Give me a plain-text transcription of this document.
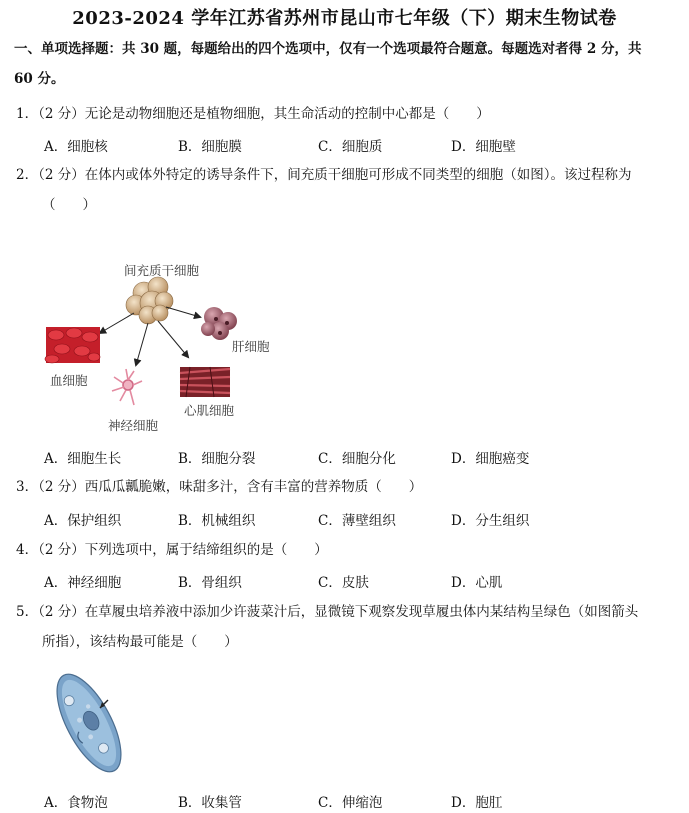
2023-2024 学年江苏省苏州市昆山市七年级（下）期末生物试卷
一、单项选择题：共 30 题，每题给出的四个选项中，仅有一个选项最符合题意。每题选对者得 2 分，共
60 分。
1．（2 分）无论是动物细胞还是植物细胞，其生命活动的控制中心都是（　　）
A．细胞核	B．细胞膜	C．细胞质	D．细胞壁
2．（2 分）在体内或体外特定的诱导条件下，间充质干细胞可形成不同类型的细胞（如图）。该过程称为
（　　）
间充质干细胞
肝细胞
血细胞
心肌细胞
神经细胞
A．细胞生长	B．细胞分裂	C．细胞分化	D．细胞癌变
3．（2 分）西瓜瓜瓤脆嫩，味甜多汁，含有丰富的营养物质（　　）
A．保护组织	B．机械组织	C．薄壁组织	D．分生组织
4．（2 分）下列选项中，属于结缔组织的是（　　）
A．神经细胞	B．骨组织	C．皮肤	D．心肌
5．（2 分）在草履虫培养液中添加少许菠菜汁后，显微镜下观察发现草履虫体内某结构呈绿色（如图箭头
所指），该结构最可能是（　　）
A．食物泡	B．收集管	C．伸缩泡	D．胞肛
